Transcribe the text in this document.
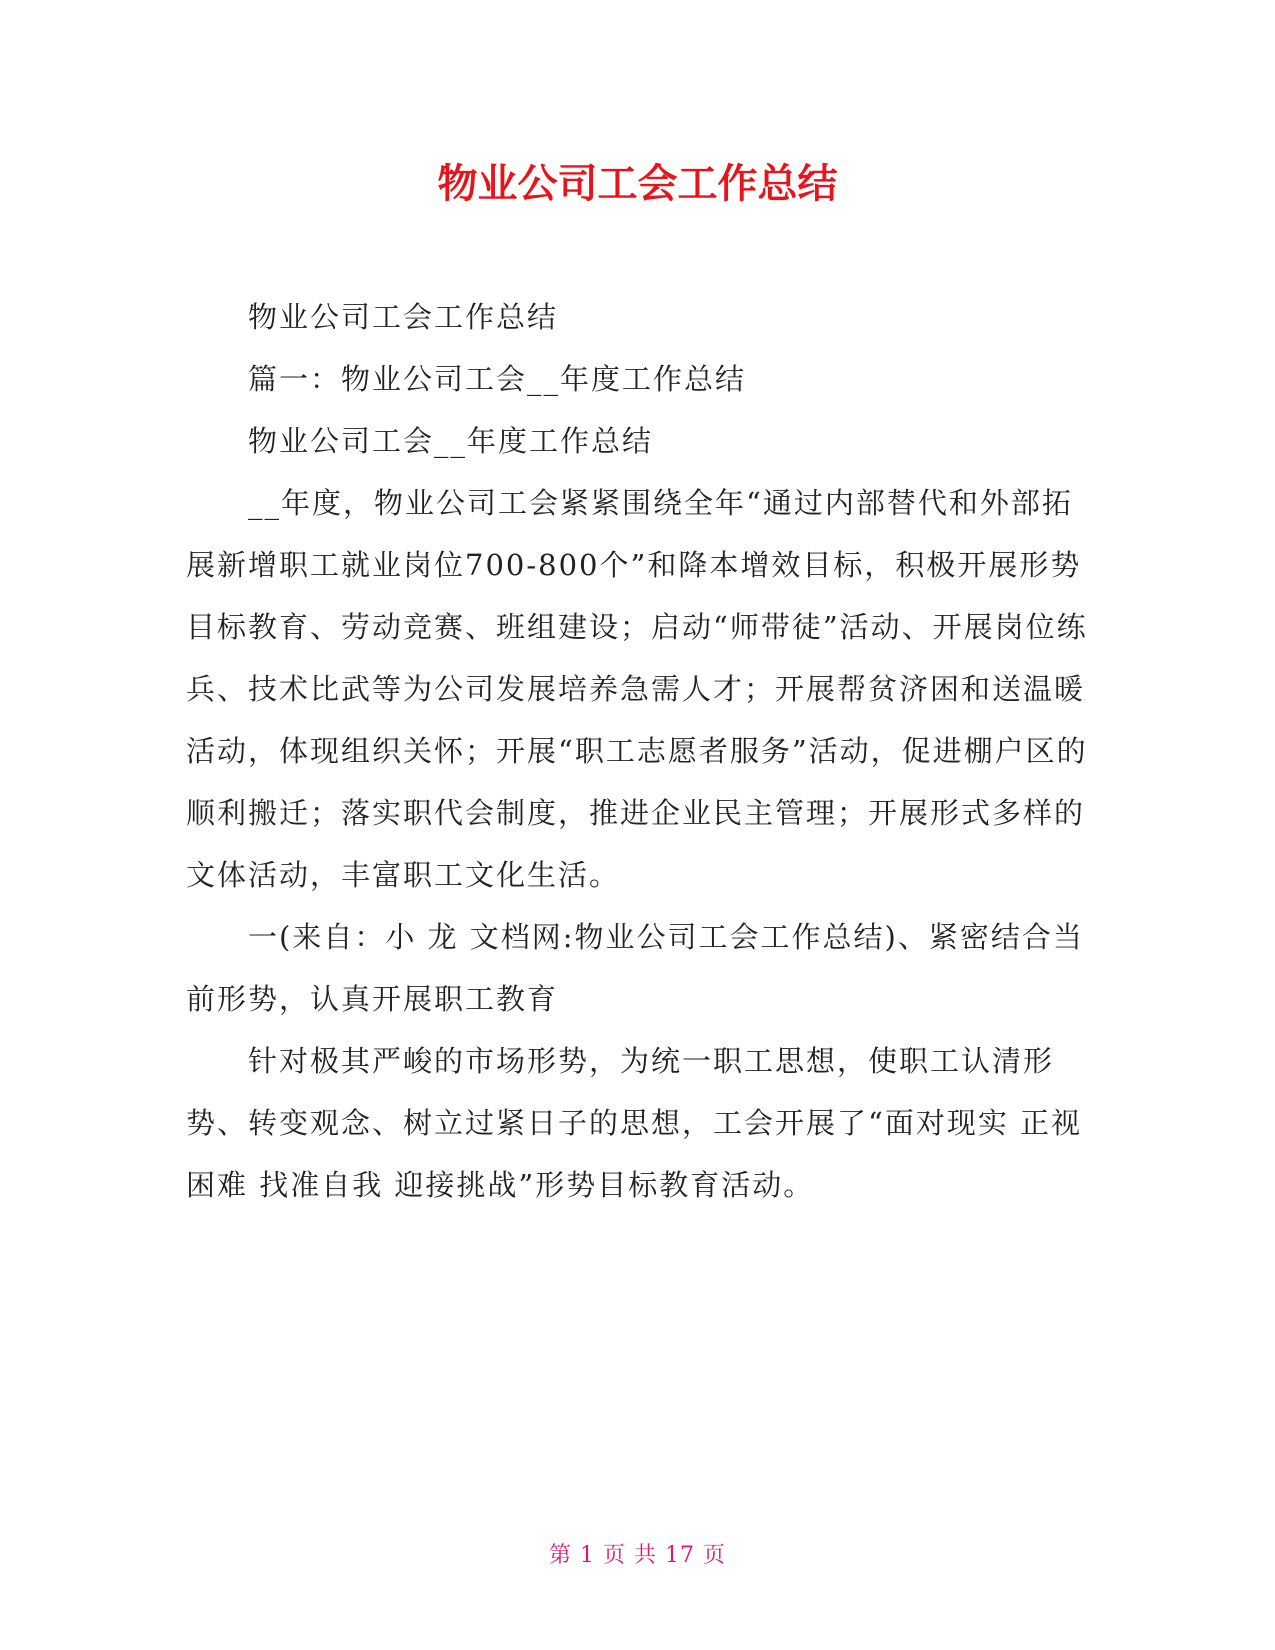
物业公司工会工作总结

物业公司工会工作总结

篇一：物业公司工会__年度工作总结

物业公司工会__年度工作总结

__年度，物业公司工会紧紧围绕全年“通过内部替代和外部拓展新增职工就业岗位700-800个”和降本增效目标，积极开展形势目标教育、劳动竞赛、班组建设；启动“师带徒”活动、开展岗位练兵、技术比武等为公司发展培养急需人才；开展帮贫济困和送温暖活动，体现组织关怀；开展“职工志愿者服务”活动，促进棚户区的顺利搬迁；落实职代会制度，推进企业民主管理；开展形式多样的文体活动，丰富职工文化生活。

一(来自：小 龙 文档网:物业公司工会工作总结)、紧密结合当前形势，认真开展职工教育

针对极其严峻的市场形势，为统一职工思想，使职工认清形势、转变观念、树立过紧日子的思想，工会开展了“面对现实 正视困难 找准自我 迎接挑战”形势目标教育活动。

第 1 页 共 17 页
